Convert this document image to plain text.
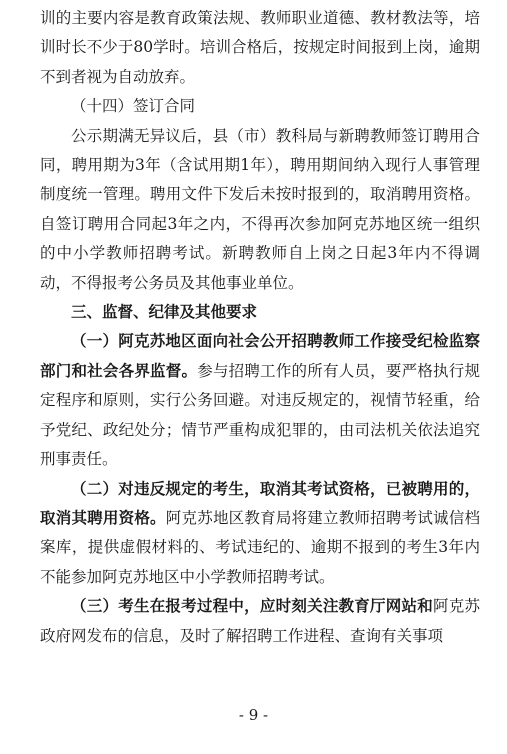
训的主要内容是教育政策法规、教师职业道德、教材教法等，培训时长不少于80学时。培训合格后，按规定时间报到上岗，逾期不到者视为自动放弃。

（十四）签订合同

公示期满无异议后，县（市）教科局与新聘教师签订聘用合同，聘用期为3年（含试用期1年），聘用期间纳入现行人事管理制度统一管理。聘用文件下发后未按时报到的，取消聘用资格。自签订聘用合同起3年之内，不得再次参加阿克苏地区统一组织的中小学教师招聘考试。新聘教师自上岗之日起3年内不得调动，不得报考公务员及其他事业单位。

三、监督、纪律及其他要求

（一）阿克苏地区面向社会公开招聘教师工作接受纪检监察部门和社会各界监督。参与招聘工作的所有人员，要严格执行规定程序和原则，实行公务回避。对违反规定的，视情节轻重，给予党纪、政纪处分；情节严重构成犯罪的，由司法机关依法追究刑事责任。

（二）对违反规定的考生，取消其考试资格，已被聘用的，取消其聘用资格。阿克苏地区教育局将建立教师招聘考试诚信档案库，提供虚假材料的、考试违纪的、逾期不报到的考生3年内不能参加阿克苏地区中小学教师招聘考试。

（三）考生在报考过程中，应时刻关注教育厅网站和阿克苏政府网发布的信息，及时了解招聘工作进程、查询有关事项

- 9 -
